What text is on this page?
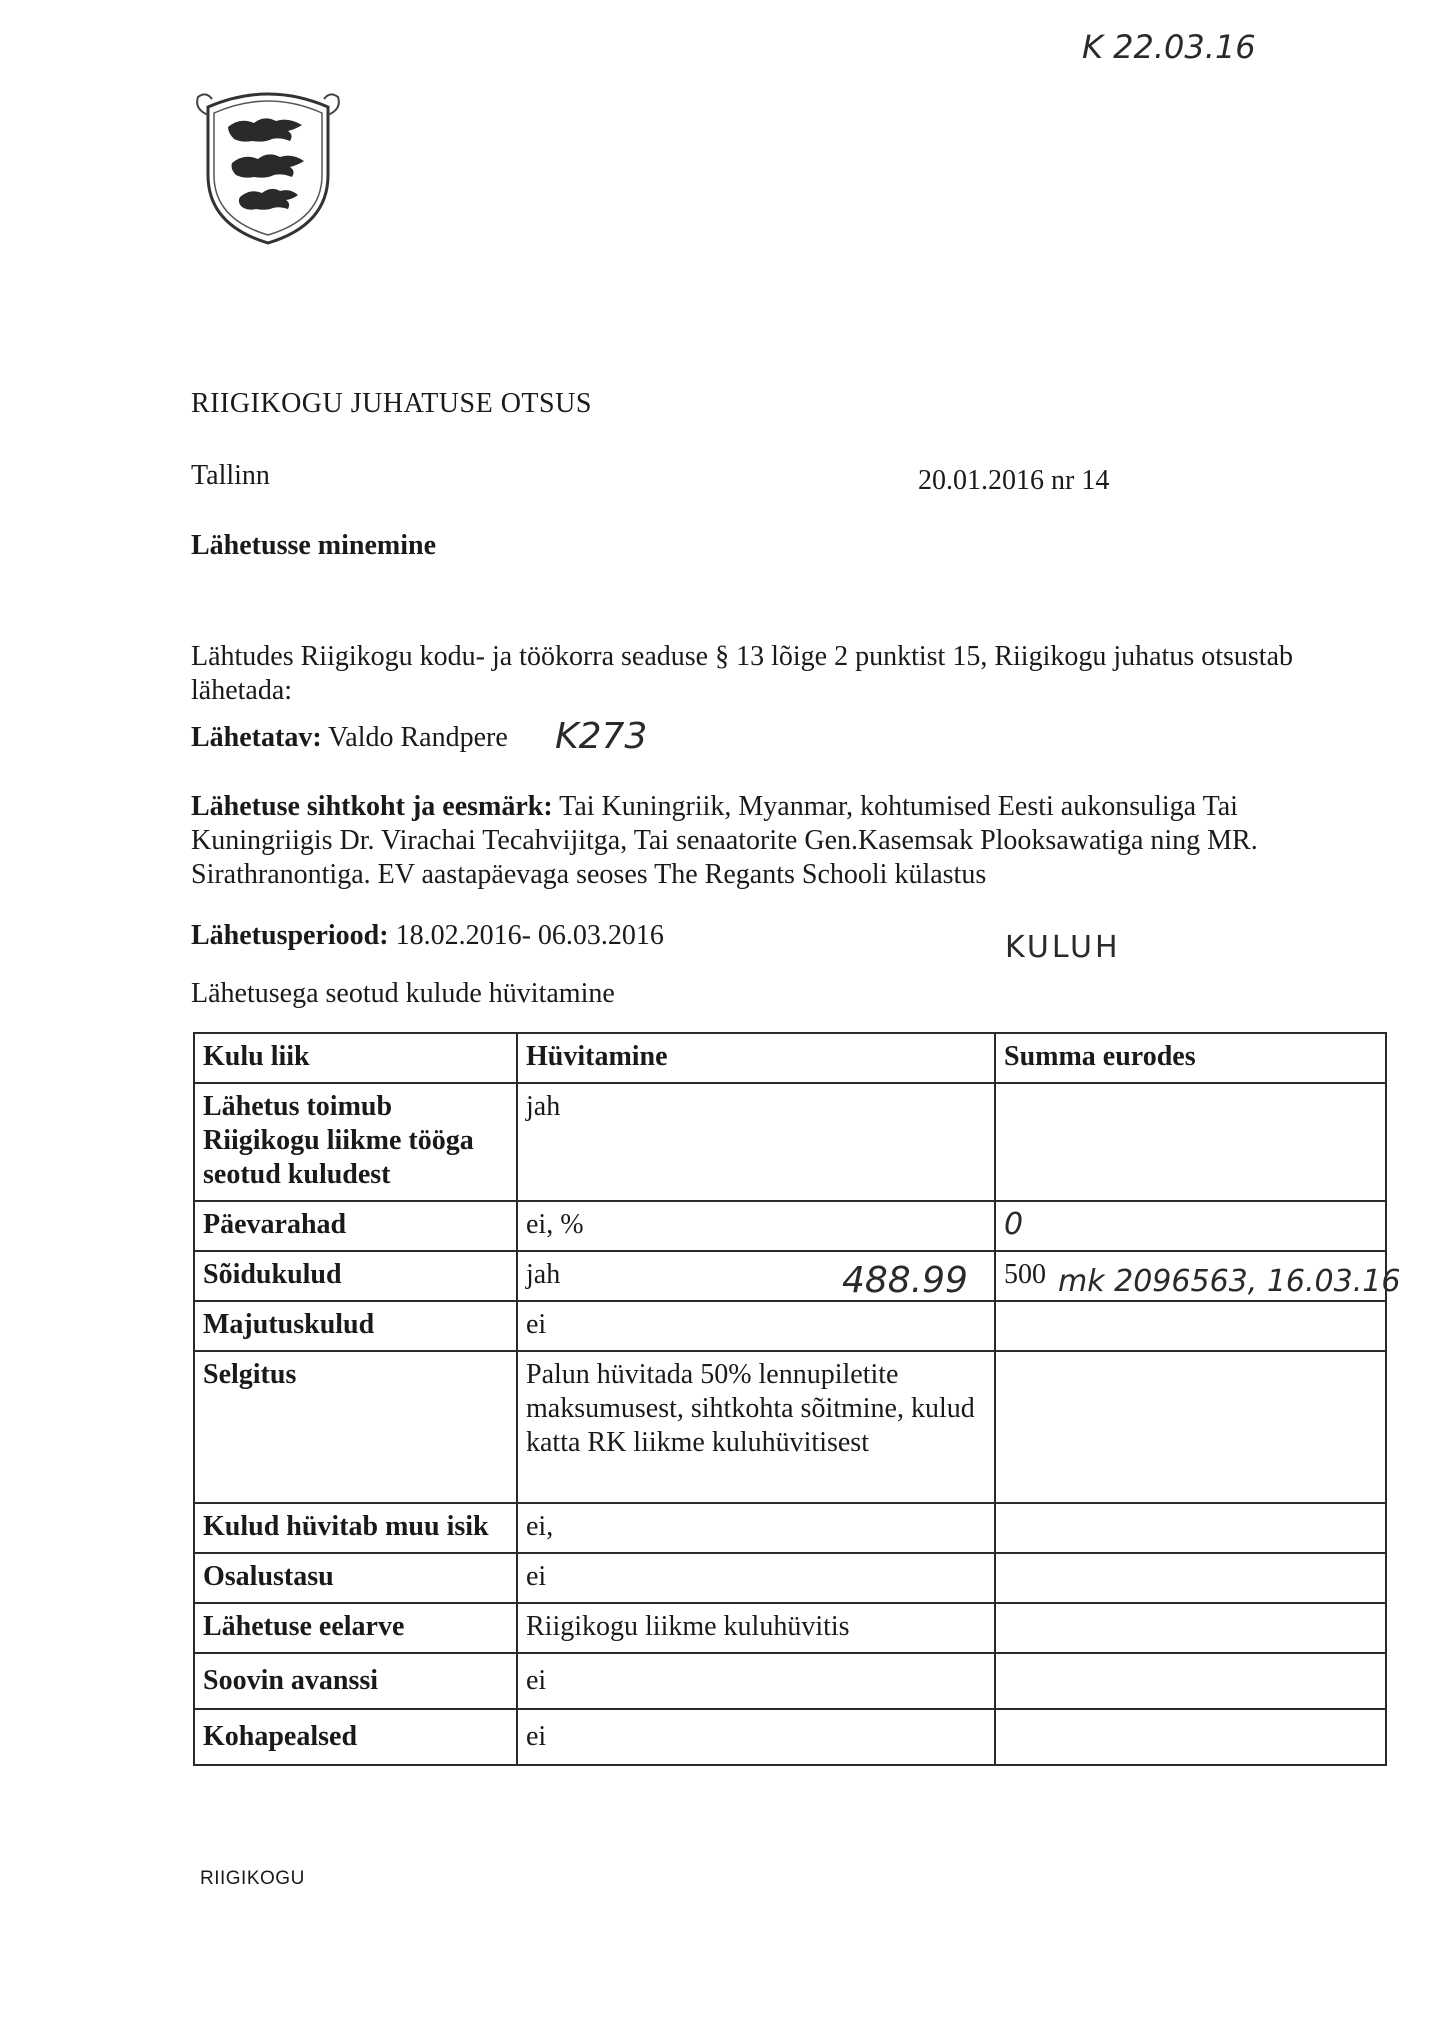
K 22.03.16
RIIGIKOGU JUHATUSE OTSUS
Tallinn	20.01.2016 nr 14
Lähetusse minemine
Lähtudes Riigikogu kodu- ja töökorra seaduse § 13 lõige 2 punktist 15, Riigikogu juhatus otsustab lähetada:
Lähetatav: Valdo Randpere K273
Lähetuse sihtkoht ja eesmärk: Tai Kuningriik, Myanmar, kohtumised Eesti aukonsuliga Tai Kuningriigis Dr. Virachai Tecahvijitga, Tai senaatorite Gen.Kasemsak Plooksawatiga ning MR. Sirathranontiga. EV aastapäevaga seoses The Regants Schooli külastus
Lähetusperiood: 18.02.2016- 06.03.2016	KULUH
Lähetusega seotud kulude hüvitamine
Kulu liik	Hüvitamine	Summa eurodes
Lähetus toimub Riigikogu liikme tööga seotud kuludest	jah	
Päevarahad	ei, %	0
Sõidukulud	jah	500
Majutuskulud	ei	
Selgitus	Palun hüvitada 50% lennupiletite maksumusest, sihtkohta sõitmine, kulud katta RK liikme kuluhüvitisest	
Kulud hüvitab muu isik	ei,	
Osalustasu	ei	
Lähetuse eelarve	Riigikogu liikme kuluhüvitis	
Soovin avanssi	ei	
Kohapealsed	ei	
488.99	mk 2096563, 16.03.16
RIIGIKOGU
